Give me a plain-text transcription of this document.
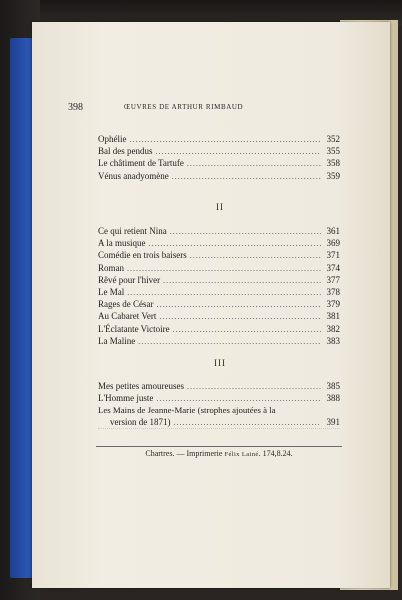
398	ŒUVRES DE ARTHUR RIMBAUD
Ophélie .....	352
Bal des pendus .....	355
Le châtiment de Tartufe .....	358
Vénus anadyomène .....	359
II
Ce qui retient Nina .....	361
A la musique .....	369
Comédie en trois baisers .....	371
Roman .....	374
Rêvé pour l'hiver .....	377
Le Mal .....	378
Rages de César .....	379
Au Cabaret Vert .....	381
L'Éclatante Victoire .....	382
La Maline .....	383
III
Mes petites amoureuses .....	385
L'Homme juste .....	388
Les Mains de Jeanne-Marie (strophes ajoutées à la
version de 1871) .....	391
Chartres. — Imprimerie Félix Lainé. 174,8.24.
